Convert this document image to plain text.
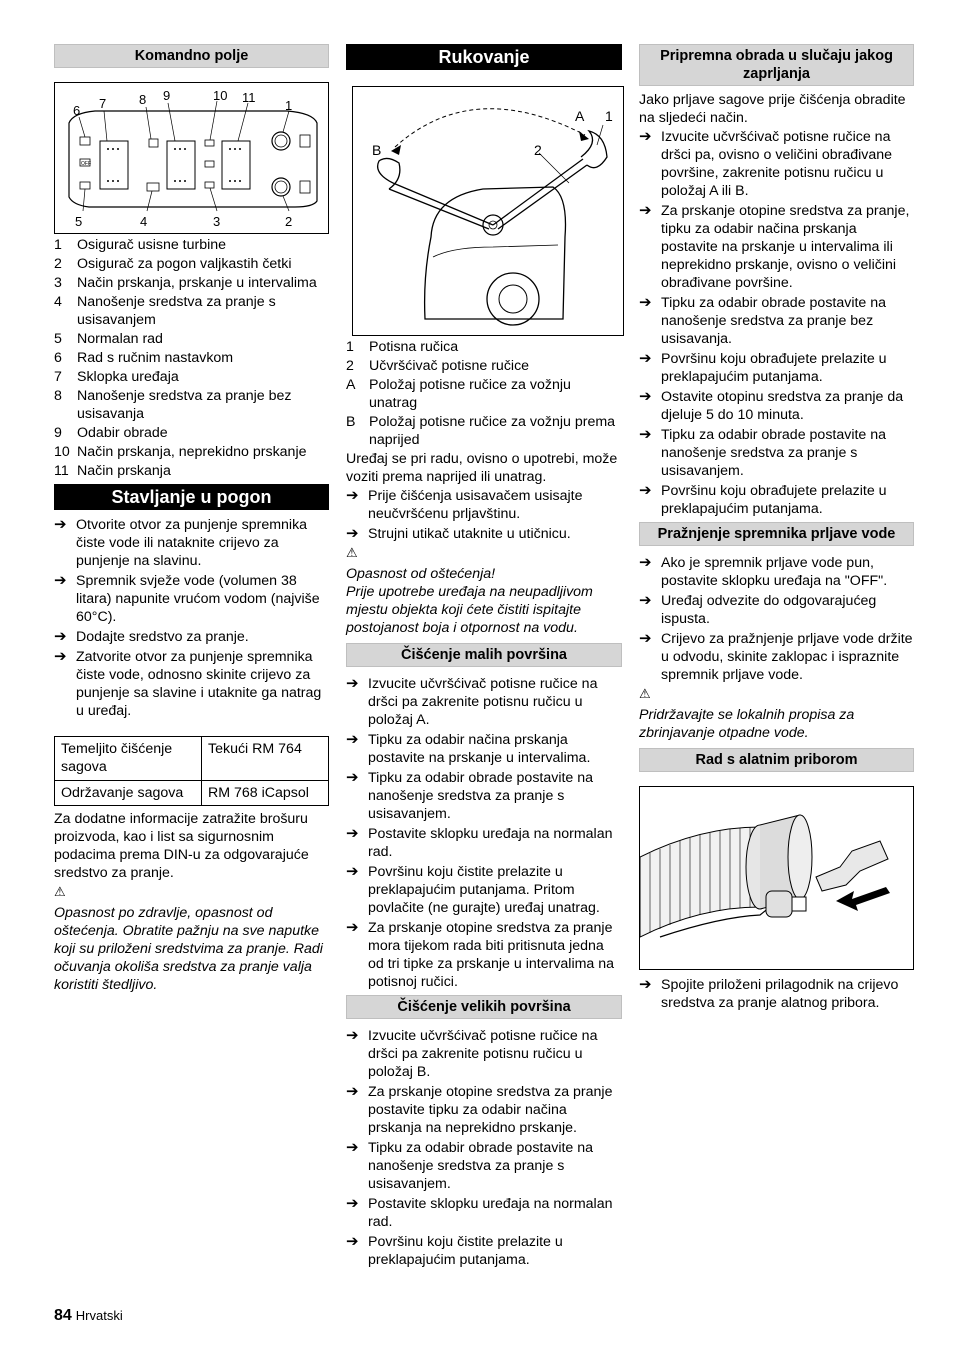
Komandno polje
6 7	8 9	10 11
1
5	4	3	2
OFF
1	Osigurač usisne turbine
2	Osigurač za pogon valjkastih četki
3	Način prskanja, prskanje u intervalima
4	Nanošenje sredstva za pranje s usisavanjem
5	Normalan rad
6	Rad s ručnim nastavkom
7	Sklopka uređaja
8	Nanošenje sredstva za pranje bez usisavanja
9	Odabir obrade
10 Način prskanja, neprekidno prskanje
11 Način prskanja
Stavljanje u pogon
➔ Otvorite otvor za punjenje spremnika čiste vode ili nataknite crijevo za punjenje na slavinu.
➔ Spremnik svježe vode (volumen 38 litara) napunite vrućom vodom (najviše 60°C).
➔ Dodajte sredstvo za pranje.
➔ Zatvorite otvor za punjenje spremnika čiste vode, odnosno skinite crijevo za punjenje sa slavine i utaknite ga natrag u uređaj.
Temeljito čišćenje sagova	Tekući RM 764
Održavanje sagova	RM 768 iCapsol

Za dodatne informacije zatražite brošuru proizvoda, kao i list sa sigurnosnim podacima prema DIN-u za odgovarajuće sredstvo za pranje.

⚠

Opasnost po zdravlje, opasnost od oštećenja. Obratite pažnju na sve naputke koji su priloženi sredstvima za pranje. Radi očuvanja okoliša sredstva za pranje valja koristiti štedljivo.

Rukovanje
A 1
B	2
1	Potisna ručica
2	Učvršćivač potisne ručice
A Položaj potisne ručice za vožnju unatrag
B Položaj potisne ručice za vožnju prema naprijed

Uređaj se pri radu, ovisno o upotrebi, može voziti prema naprijed ili unatrag.

➔ Prije čišćenja usisavačem usisajte neučvršćenu prljavštinu.
➔ Strujni utikač utaknite u utičnicu.
⚠

Opasnost od oštećenja!

Prije upotrebe uređaja na neupadljivom mjestu objekta koji ćete čistiti ispitajte postojanost boja i otpornost na vodu.

Čišćenje malih površina
➔ Izvucite učvršćivač potisne ručice na dršci pa zakrenite potisnu ručicu u položaj A.
➔ Tipku za odabir načina prskanja postavite na prskanje u intervalima.
➔ Tipku za odabir obrade postavite na nanošenje sredstva za pranje s usisavanjem.
➔ Postavite sklopku uređaja na normalan rad.
➔ Površinu koju čistite prelazite u preklapajućim putanjama. Pritom povlačite (ne gurajte) uređaj unatrag.
➔ Za prskanje otopine sredstva za pranje mora tijekom rada biti pritisnuta jedna od tri tipke za prskanje u intervalima na potisnoj ručici.
Čišćenje velikih površina
➔ Izvucite učvršćivač potisne ručice na dršci pa zakrenite potisnu ručicu u položaj B.
➔ Za prskanje otopine sredstva za pranje postavite tipku za odabir načina prskanja na neprekidno prskanje.
➔ Tipku za odabir obrade postavite na nanošenje sredstva za pranje s usisavanjem.
➔ Postavite sklopku uređaja na normalan rad.
➔ Površinu koju čistite prelazite u preklapajućim putanjama.
Pripremna obrada u slučaju jakog zaprljanja

Jako prljave sagove prije čišćenja obradite na sljedeći način.

➔ Izvucite učvršćivač potisne ručice na dršci pa, ovisno o veličini obrađivane površine, zakrenite potisnu ručicu u položaj A ili B.
➔ Za prskanje otopine sredstva za pranje, tipku za odabir načina prskanja postavite na prskanje u intervalima ili neprekidno prskanje, ovisno o veličini obrađivane površine.
➔ Tipku za odabir obrade postavite na nanošenje sredstva za pranje bez usisavanja.
➔ Površinu koju obrađujete prelazite u preklapajućim putanjama.
➔ Ostavite otopinu sredstva za pranje da djeluje 5 do 10 minuta.
➔ Tipku za odabir obrade postavite na nanošenje sredstva za pranje s usisavanjem.
➔ Površinu koju obrađujete prelazite u preklapajućim putanjama.
Pražnjenje spremnika prljave vode
➔ Ako je spremnik prljave vode pun, postavite sklopku uređaja na "OFF".
➔ Uređaj odvezite do odgovarajućeg ispusta.
➔ Crijevo za pražnjenje prljave vode držite u odvodu, skinite zaklopac i ispraznite spremnik prljave vode.
⚠

Pridržavajte se lokalnih propisa za zbrinjavanje otpadne vode.

Rad s alatnim priborom
➔ Spojite priloženi prilagodnik na crijevo sredstva za pranje alatnog pribora.
84 Hrvatski
